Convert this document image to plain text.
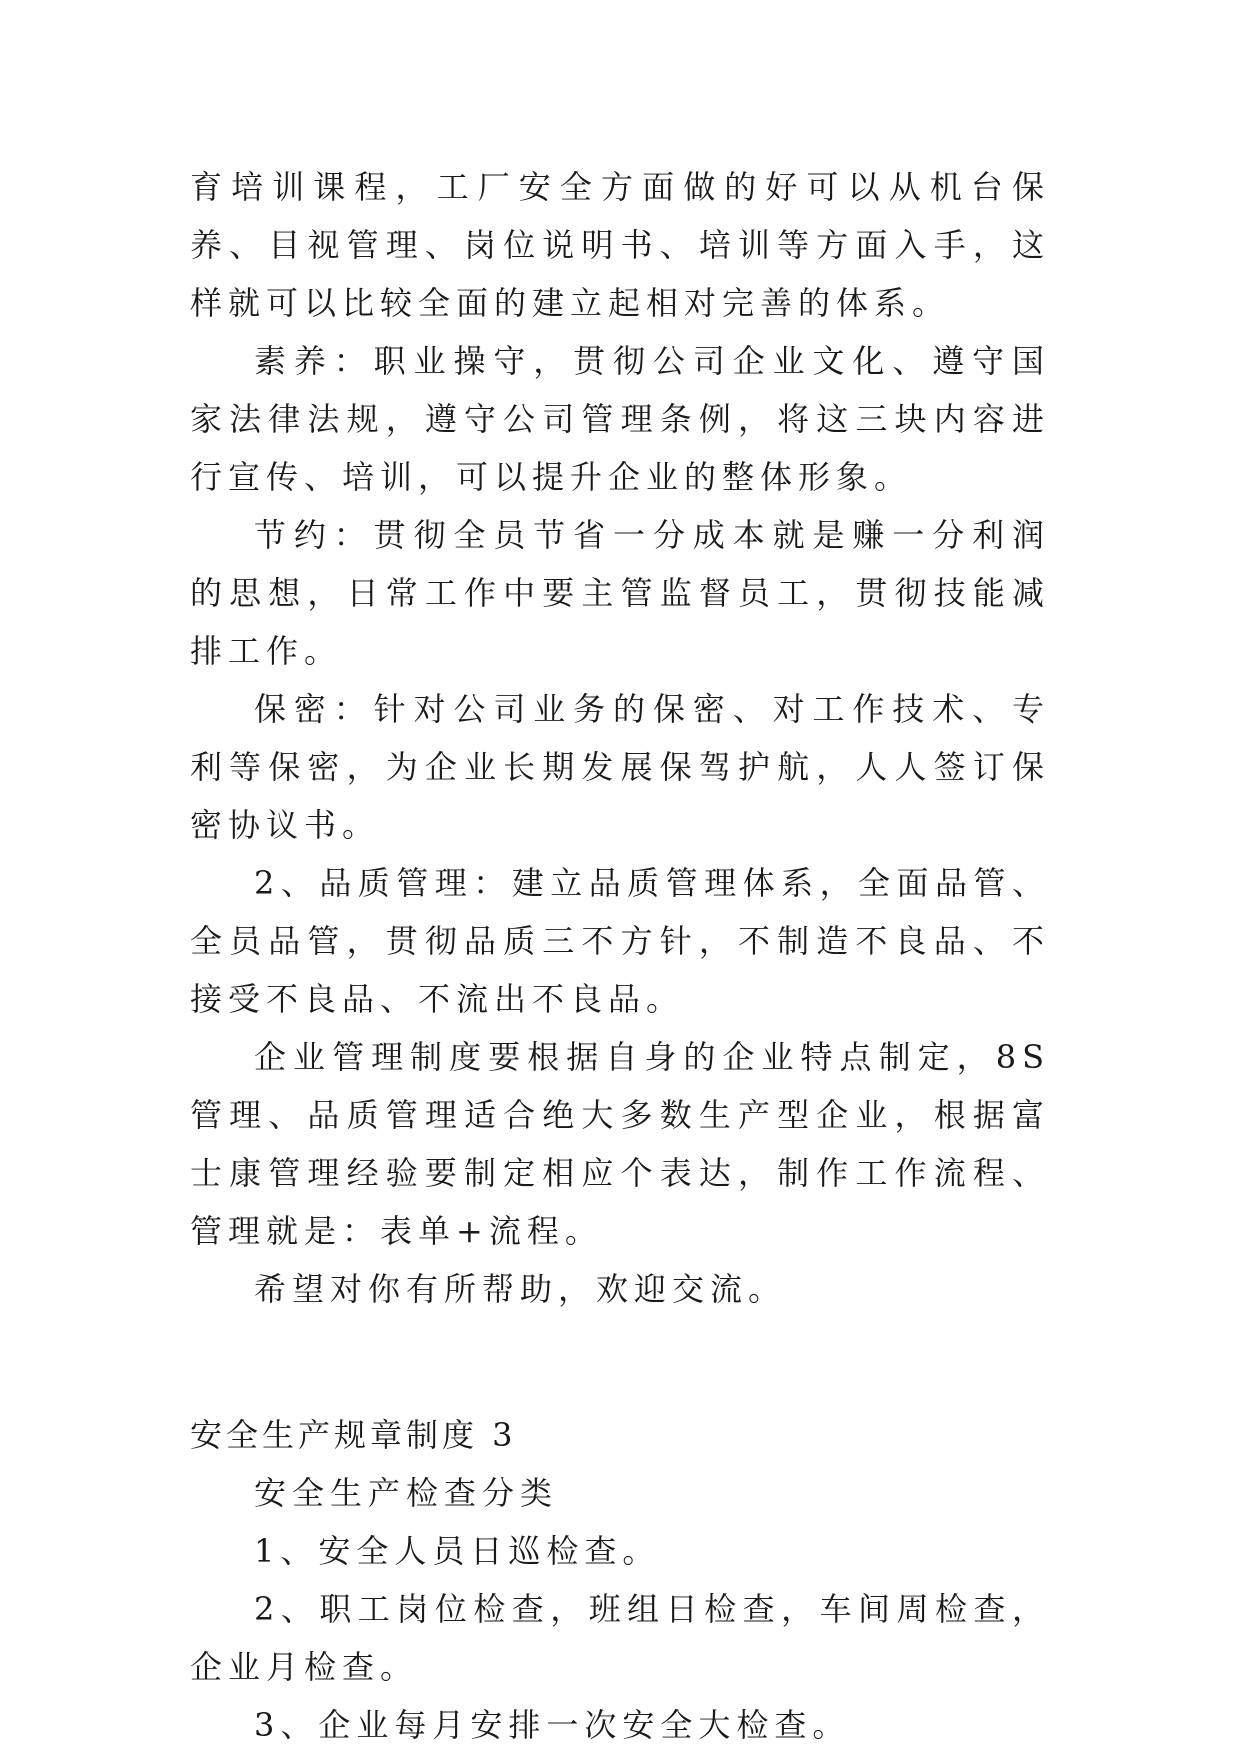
育培训课程，工厂安全方面做的好可以从机台保养、目视管理、岗位说明书、培训等方面入手，这样就可以比较全面的建立起相对完善的体系。

素养：职业操守，贯彻公司企业文化、遵守国家法律法规，遵守公司管理条例，将这三块内容进行宣传、培训，可以提升企业的整体形象。

节约：贯彻全员节省一分成本就是赚一分利润的思想，日常工作中要主管监督员工，贯彻技能减排工作。

保密：针对公司业务的保密、对工作技术、专利等保密，为企业长期发展保驾护航，人人签订保密协议书。

2、品质管理：建立品质管理体系，全面品管、全员品管，贯彻品质三不方针，不制造不良品、不接受不良品、不流出不良品。

企业管理制度要根据自身的企业特点制定，8S管理、品质管理适合绝大多数生产型企业，根据富士康管理经验要制定相应个表达，制作工作流程、管理就是：表单+流程。

希望对你有所帮助，欢迎交流。

安全生产规章制度 3

安全生产检查分类

1、安全人员日巡检查。

2、职工岗位检查，班组日检查，车间周检查，企业月检查。

3、企业每月安排一次安全大检查。
